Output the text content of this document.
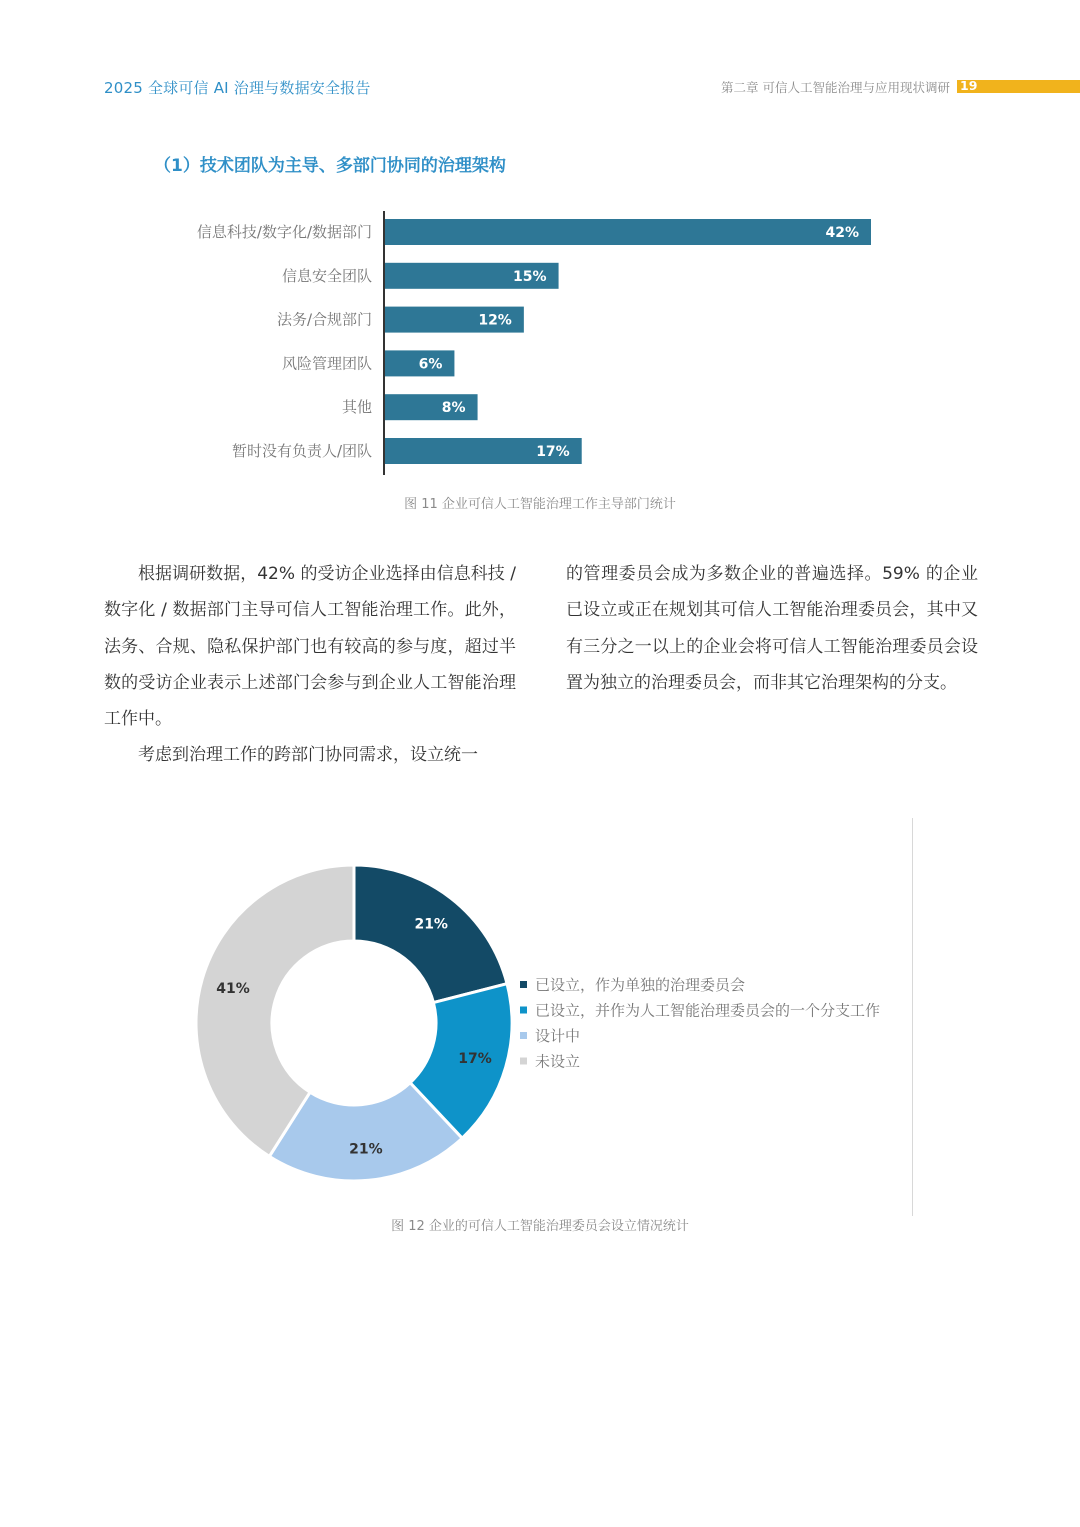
2025 全球可信 AI 治理与数据安全报告	第二章 可信人工智能治理与应用现状调研 19
（1）技术团队为主导、多部门协同的治理架构
信息科技/数字化/数据部门	42%
信息安全团队	15%
法务/合规部门	12%
风险管理团队	6%
其他	8%
暂时没有负责人/团队	17%
图 11 企业可信人工智能治理工作主导部门统计

根据调研数据，42% 的受访企业选择由信息科技 / 数字化 / 数据部门主导可信人工智能治理工作。此外，法务、合规、隐私保护部门也有较高的参与度，超过半数的受访企业表示上述部门会参与到企业人工智能治理工作中。

考虑到治理工作的跨部门协同需求，设立统一

的管理委员会成为多数企业的普遍选择。59% 的企业已设立或正在规划其可信人工智能治理委员会，其中又有三分之一以上的企业会将可信人工智能治理委员会设置为独立的治理委员会，而非其它治理架构的分支。

21%
17%
21%
41%	已设立，作为单独的治理委员会
已设立，并作为人工智能治理委员会的一个分支工作
设计中
未设立
图 12 企业的可信人工智能治理委员会设立情况统计
